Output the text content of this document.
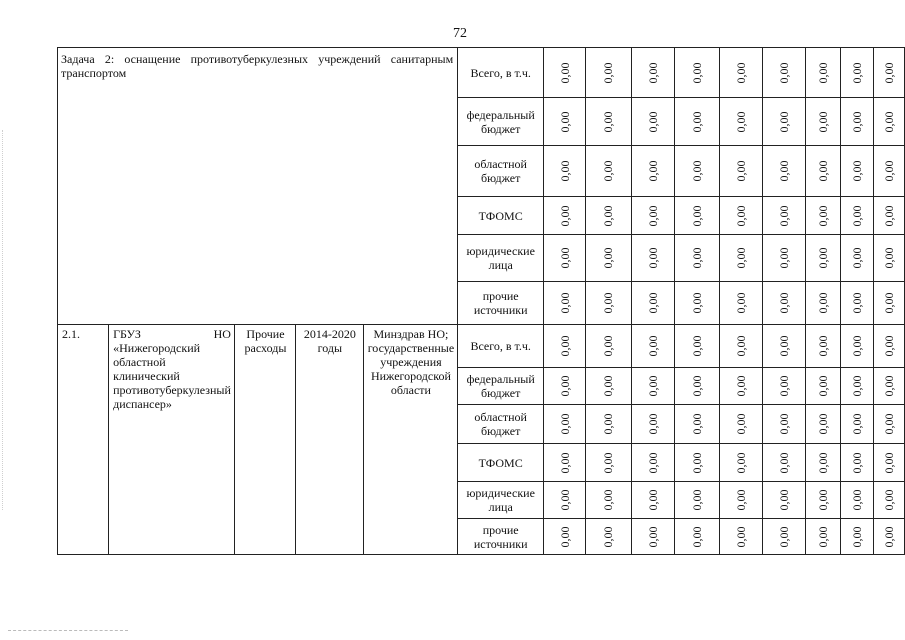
72
Задача 2: оснащение противотуберкулезных учреждений санитарным транспортом					Всего, в т.ч.	0,00	0,00	0,00	0,00	0,00	0,00	0,00	0,00	0,00

					федеральный бюджет	0,00	0,00	0,00	0,00	0,00	0,00	0,00	0,00	0,00

					областной бюджет	0,00	0,00	0,00	0,00	0,00	0,00	0,00	0,00	0,00

					ТФОМС	0,00	0,00	0,00	0,00	0,00	0,00	0,00	0,00	0,00

					юридические лица	0,00	0,00	0,00	0,00	0,00	0,00	0,00	0,00	0,00

					прочие источники	0,00	0,00	0,00	0,00	0,00	0,00	0,00	0,00	0,00

2.1.	ГБУЗ НО «Нижегородский областной клинический противотуберкулезный диспансер»	Прочие расходы	2014-2020 годы	Минздрав НО; государственные учреждения Нижегородской области	Всего, в т.ч.	0,00	0,00	0,00	0,00	0,00	0,00	0,00	0,00	0,00

					федеральный бюджет	0,00	0,00	0,00	0,00	0,00	0,00	0,00	0,00	0,00

					областной бюджет	0,00	0,00	0,00	0,00	0,00	0,00	0,00	0,00	0,00

					ТФОМС	0,00	0,00	0,00	0,00	0,00	0,00	0,00	0,00	0,00

					юридические лица	0,00	0,00	0,00	0,00	0,00	0,00	0,00	0,00	0,00

					прочие источники	0,00	0,00	0,00	0,00	0,00	0,00	0,00	0,00	0,00
